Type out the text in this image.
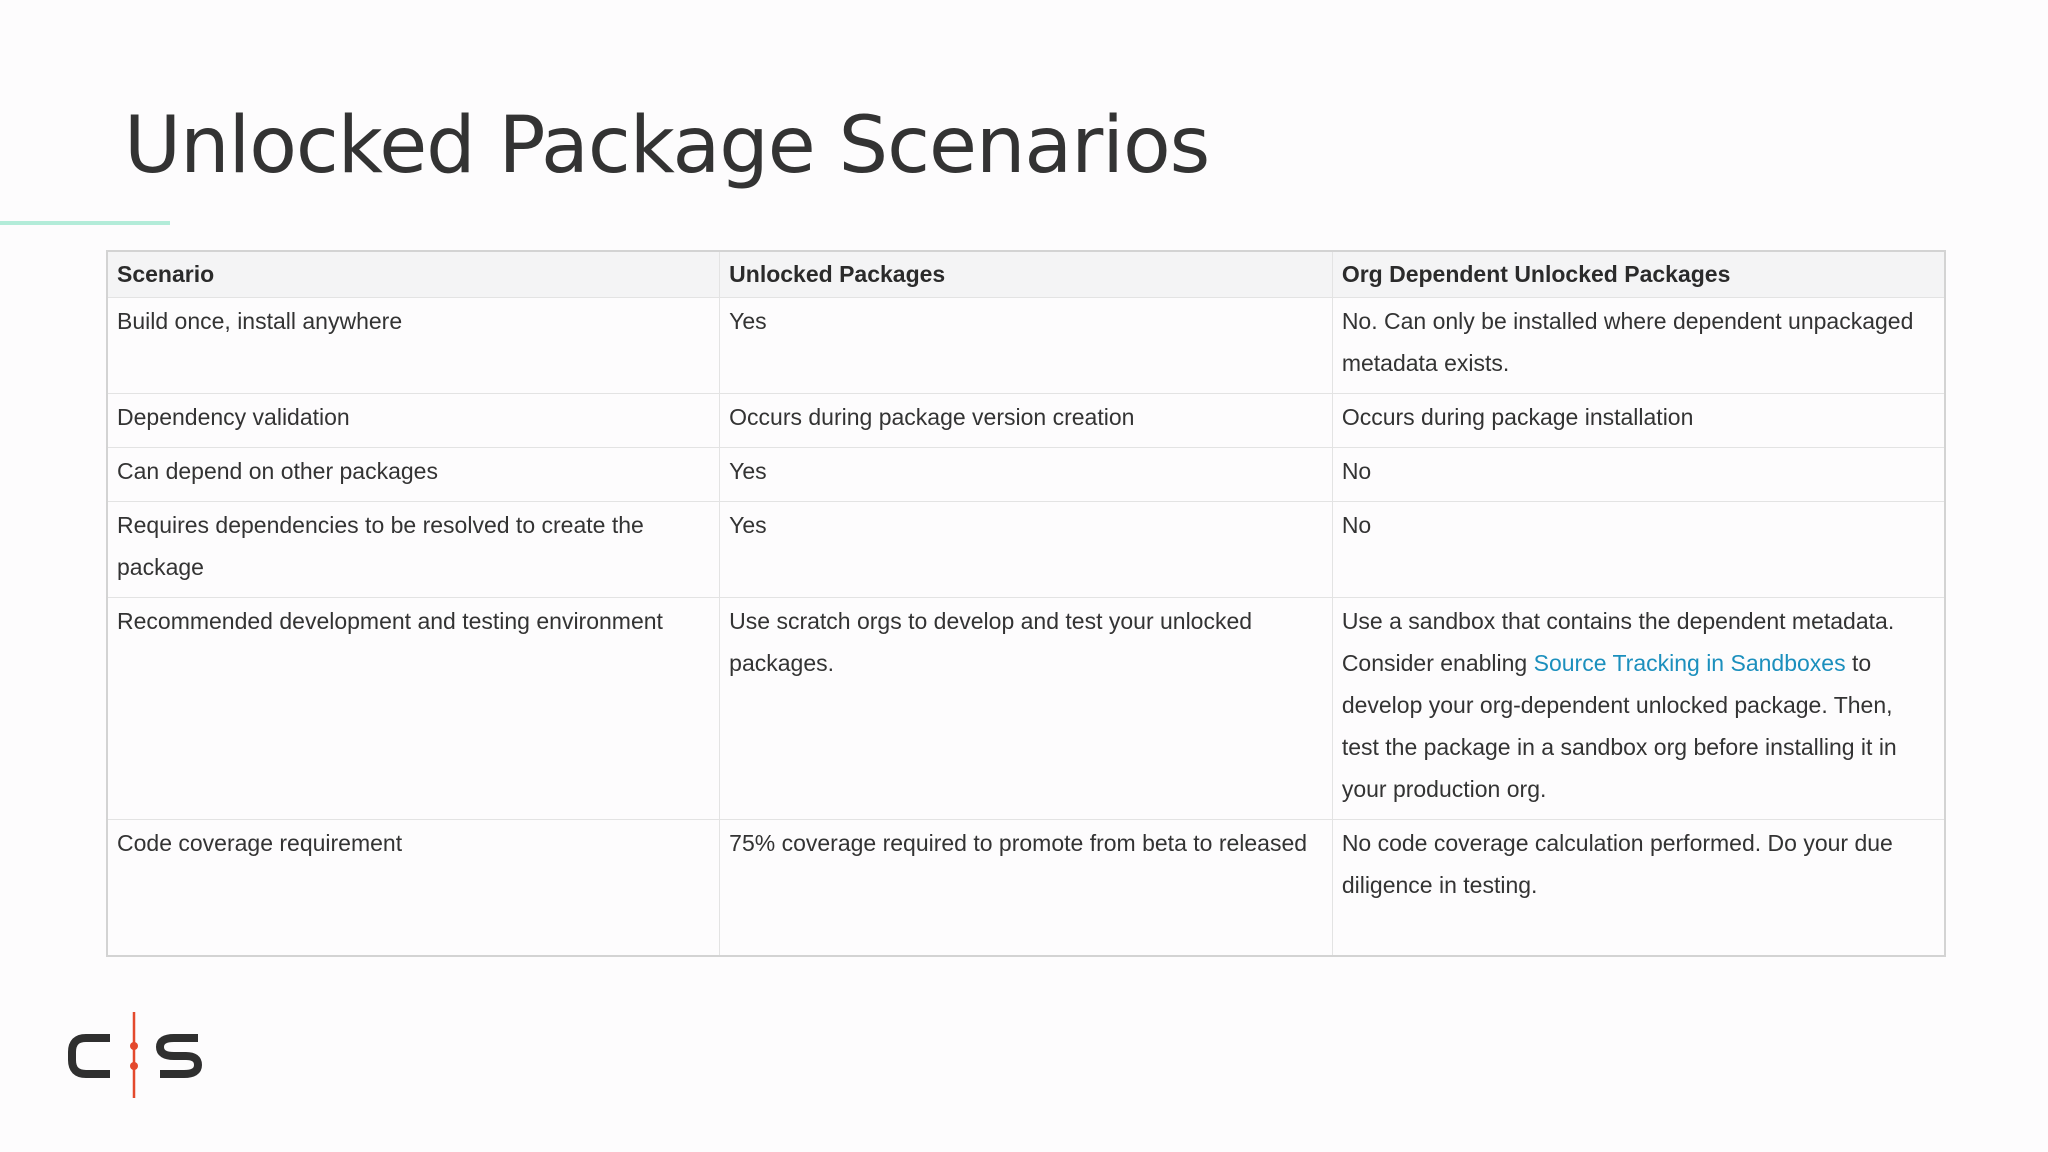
Unlocked Package Scenarios
Scenario	Unlocked Packages	Org Dependent Unlocked Packages
Build once, install anywhere	Yes	No. Can only be installed where dependent unpackaged metadata exists.
Dependency validation	Occurs during package version creation	Occurs during package installation
Can depend on other packages	Yes	No
Requires dependencies to be resolved to create the package	Yes	No
Recommended development and testing environment	Use scratch orgs to develop and test your unlocked packages.	Use a sandbox that contains the dependent metadata. Consider enabling Source Tracking in Sandboxes to develop your org-dependent unlocked package. Then, test the package in a sandbox org before installing it in your production org.
Code coverage requirement	75% coverage required to promote from beta to released	No code coverage calculation performed. Do your due diligence in testing.
